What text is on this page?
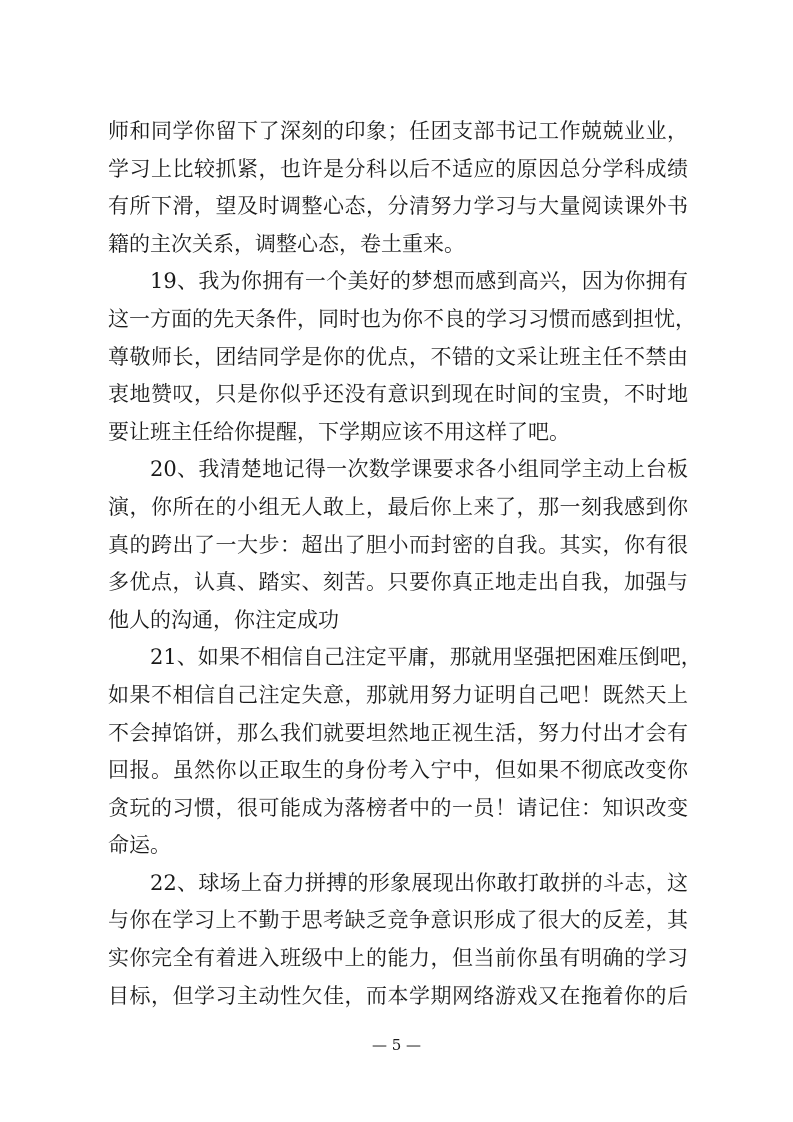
师和同学你留下了深刻的印象；任团支部书记工作兢兢业业，
学习上比较抓紧，也许是分科以后不适应的原因总分学科成绩
有所下滑，望及时调整心态，分清努力学习与大量阅读课外书
籍的主次关系，调整心态，卷土重来。
19、我为你拥有一个美好的梦想而感到高兴，因为你拥有
这一方面的先天条件，同时也为你不良的学习习惯而感到担忧，
尊敬师长，团结同学是你的优点，不错的文采让班主任不禁由
衷地赞叹，只是你似乎还没有意识到现在时间的宝贵，不时地
要让班主任给你提醒，下学期应该不用这样了吧。
20、我清楚地记得一次数学课要求各小组同学主动上台板
演，你所在的小组无人敢上，最后你上来了，那一刻我感到你
真的跨出了一大步：超出了胆小而封密的自我。其实，你有很
多优点，认真、踏实、刻苦。只要你真正地走出自我，加强与
他人的沟通，你注定成功
21、如果不相信自己注定平庸，那就用坚强把困难压倒吧，
如果不相信自己注定失意，那就用努力证明自己吧！既然天上
不会掉馅饼，那么我们就要坦然地正视生活，努力付出才会有
回报。虽然你以正取生的身份考入宁中，但如果不彻底改变你
贪玩的习惯，很可能成为落榜者中的一员！请记住：知识改变
命运。
22、球场上奋力拼搏的形象展现出你敢打敢拼的斗志，这
与你在学习上不勤于思考缺乏竞争意识形成了很大的反差，其
实你完全有着进入班级中上的能力，但当前你虽有明确的学习
目标，但学习主动性欠佳，而本学期网络游戏又在拖着你的后
— 5 —
